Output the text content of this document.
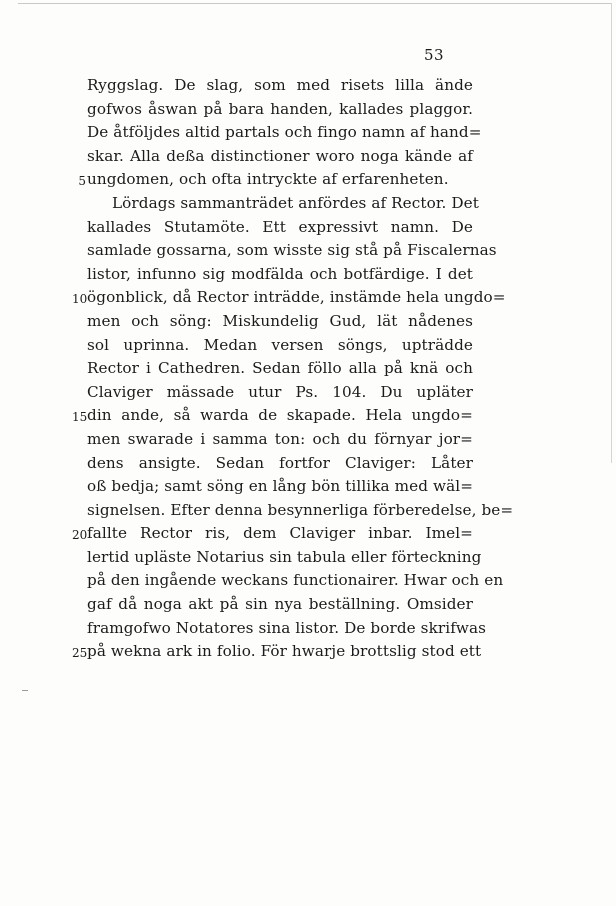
53
Ryggslag. De slag, som med risets lilla ände
gofwos åswan på bara handen, kallades plaggor.
De åtföljdes altid partals och fingo namn af hand=
skar. Alla deßa distinctioner woro noga kände af
5 ungdomen, och ofta intryckte af erfarenheten.
Lördags sammanträdet anfördes af Rector. Det
kallades Stutamöte. Ett expressivt namn. De
samlade gossarna, som wisste sig stå på Fiscalernas
listor, infunno sig modfälda och botfärdige. I det
10 ögonblick, då Rector inträdde, instämde hela ungdo=
men och söng: Miskundelig Gud, lät nådenes
sol uprinna. Medan versen söngs, upträdde
Rector i Cathedren. Sedan föllo alla på knä och
Claviger mässade utur Ps. 104. Du upläter
15 din ande, så warda de skapade. Hela ungdo=
men swarade i samma ton: och du förnyar jor=
dens ansigte. Sedan fortfor Claviger: Låter
oß bedja; samt söng en lång bön tillika med wäl=
signelsen. Efter denna besynnerliga förberedelse, be=
20 fallte Rector ris, dem Claviger inbar. Imel=
lertid upläste Notarius sin tabula eller förteckning
på den ingående weckans functionairer. Hwar och en
gaf då noga akt på sin nya beställning. Omsider
framgofwo Notatores sina listor. De borde skrifwas
25 på wekna ark in folio. För hwarje brottslig stod ett
